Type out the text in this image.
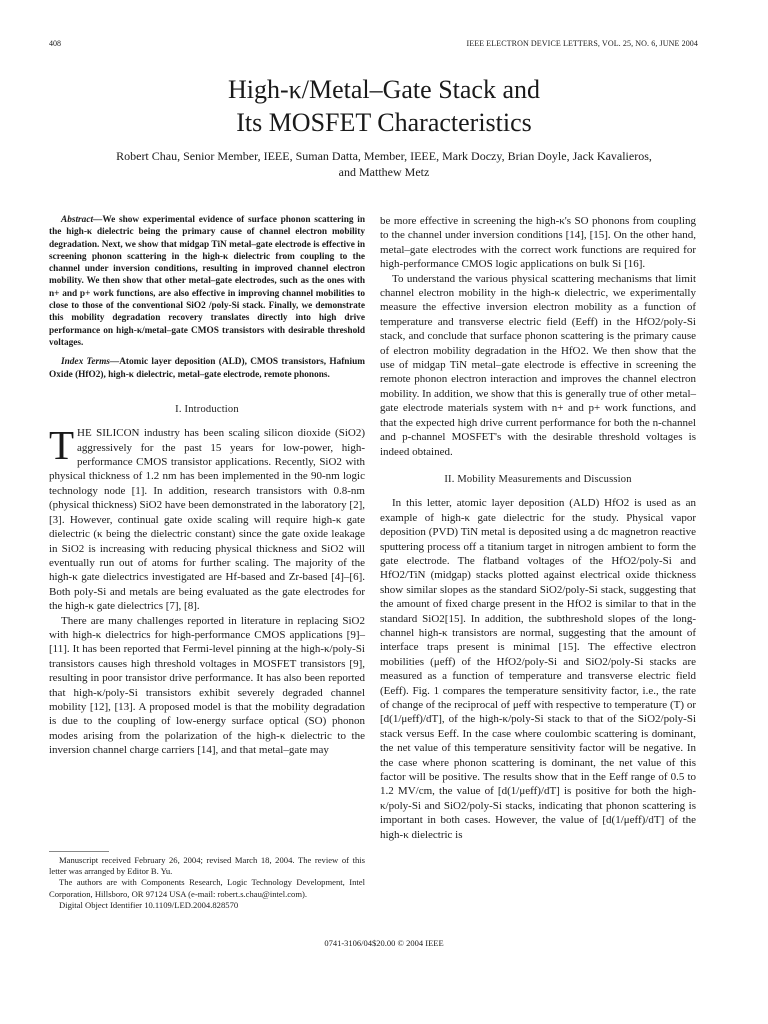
408	IEEE ELECTRON DEVICE LETTERS, VOL. 25, NO. 6, JUNE 2004
High-κ/Metal–Gate Stack and
Its MOSFET Characteristics
Robert Chau, Senior Member, IEEE, Suman Datta, Member, IEEE, Mark Doczy, Brian Doyle, Jack Kavalieros,
and Matthew Metz

Abstract—We show experimental evidence of surface phonon scattering in the high-κ dielectric being the primary cause of channel electron mobility degradation. Next, we show that midgap TiN metal–gate electrode is effective in screening phonon scattering in the high-κ dielectric from coupling to the channel under inversion conditions, resulting in improved channel electron mobility. We then show that other metal–gate electrodes, such as the ones with n+ and p+ work functions, are also effective in improving channel mobilities to close to those of the conventional SiO2 /poly-Si stack. Finally, we demonstrate this mobility degradation recovery translates directly into high drive performance on high-κ/metal–gate CMOS transistors with desirable threshold voltages.

Index Terms—Atomic layer deposition (ALD), CMOS transistors, Hafnium Oxide (HfO2), high-κ dielectric, metal–gate electrode, remote phonons.

I. Introduction

THE SILICON industry has been scaling silicon dioxide (SiO2) aggressively for the past 15 years for low-power, high-performance CMOS transistor applications. Recently, SiO2 with physical thickness of 1.2 nm has been implemented in the 90-nm logic technology node [1]. In addition, research transistors with 0.8-nm (physical thickness) SiO2 have been demonstrated in the laboratory [2], [3]. However, continual gate oxide scaling will require high-κ gate dielectric (κ being the dielectric constant) since the gate oxide leakage in SiO2 is increasing with reducing physical thickness and SiO2 will eventually run out of atoms for further scaling. The majority of the high-κ gate dielectrics investigated are Hf-based and Zr-based [4]–[6]. Both poly-Si and metals are being evaluated as the gate electrodes for the high-κ gate dielectrics [7], [8].

There are many challenges reported in literature in replacing SiO2 with high-κ dielectrics for high-performance CMOS applications [9]–[11]. It has been reported that Fermi-level pinning at the high-κ/poly-Si transistors causes high threshold voltages in MOSFET transistors [9], resulting in poor transistor drive performance. It has also been reported that high-κ/poly-Si transistors exhibit severely degraded channel mobility [12], [13]. A proposed model is that the mobility degradation is due to the coupling of low-energy surface optical (SO) phonon modes arising from the polarization of the high-κ dielectric to the inversion channel charge carriers [14], and that metal–gate may

Manuscript received February 26, 2004; revised March 18, 2004. The review of this letter was arranged by Editor B. Yu.

The authors are with Components Research, Logic Technology Development, Intel Corporation, Hillsboro, OR 97124 USA (e-mail: robert.s.chau@intel.com).

Digital Object Identifier 10.1109/LED.2004.828570

be more effective in screening the high-κ's SO phonons from coupling to the channel under inversion conditions [14], [15]. On the other hand, metal–gate electrodes with the correct work functions are required for high-performance CMOS logic applications on bulk Si [16].

To understand the various physical scattering mechanisms that limit channel electron mobility in the high-κ dielectric, we experimentally measure the effective inversion electron mobility as a function of temperature and transverse electric field (Eeff) in the HfO2/poly-Si stack, and conclude that surface phonon scattering is the primary cause of electron mobility degradation in the HfO2. We then show that the use of midgap TiN metal–gate electrode is effective in screening the remote phonon electron interaction and improves the channel electron mobility. In addition, we show that this is generally true of other metal–gate electrode materials system with n+ and p+ work functions, and that the expected high drive current performance for both the n-channel and p-channel MOSFET's with the desirable threshold voltages is indeed obtained.

II. Mobility Measurements and Discussion

In this letter, atomic layer deposition (ALD) HfO2 is used as an example of high-κ gate dielectric for the study. Physical vapor deposition (PVD) TiN metal is deposited using a dc magnetron reactive sputtering process off a titanium target in nitrogen ambient to form the gate electrode. The flatband voltages of the HfO2/poly-Si and HfO2/TiN (midgap) stacks plotted against electrical oxide thickness show similar slopes as the standard SiO2/poly-Si stack, suggesting that the amount of fixed charge present in the HfO2 is similar to that in the standard SiO2[15]. In addition, the subthreshold slopes of the long-channel high-κ transistors are normal, suggesting that the amount of interface traps present is minimal [15]. The effective electron mobilities (μeff) of the HfO2/poly-Si and SiO2/poly-Si stacks are measured as a function of temperature and transverse electric field (Eeff). Fig. 1 compares the temperature sensitivity factor, i.e., the rate of change of the reciprocal of μeff with respective to temperature (T) or [d(1/μeff)/dT], of the high-κ/poly-Si stack to that of the SiO2/poly-Si stack versus Eeff. In the case where coulombic scattering is dominant, the net value of this temperature sensitivity factor will be negative. In the case where phonon scattering is dominant, the net value of this factor will be positive. The results show that in the Eeff range of 0.5 to 1.2 MV/cm, the value of [d(1/μeff)/dT] is positive for both the high-κ/poly-Si and SiO2/poly-Si stacks, indicating that phonon scattering is important in both cases. However, the value of [d(1/μeff)/dT] of the high-κ dielectric is

0741-3106/04$20.00 © 2004 IEEE
